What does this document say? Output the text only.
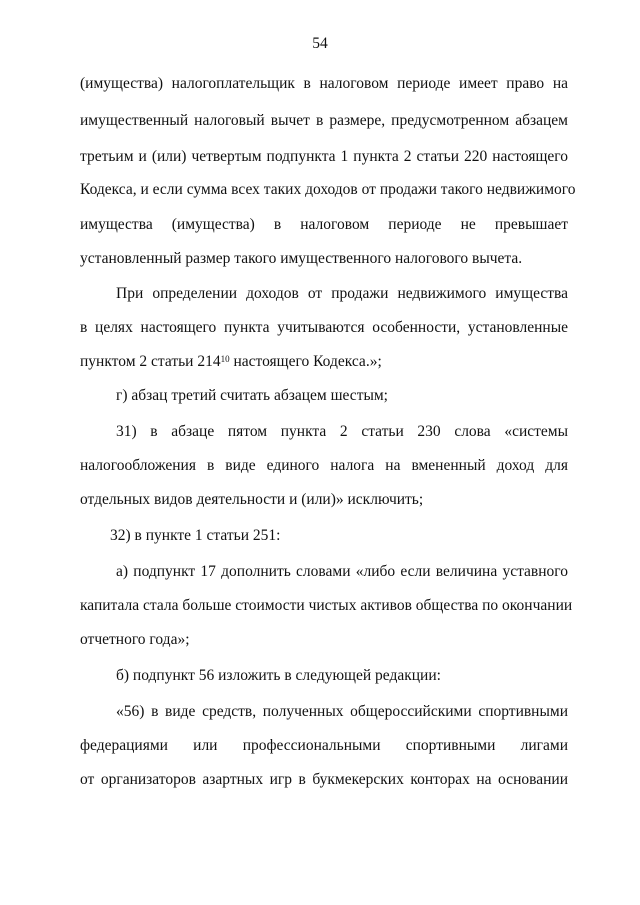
54
(имущества) налогоплательщик в налоговом периоде имеет право на
имущественный налоговый вычет в размере, предусмотренном абзацем
третьим и (или) четвертым подпункта 1 пункта 2 статьи 220 настоящего
Кодекса, и если сумма всех таких доходов от продажи такого недвижимого
имущества (имущества) в налоговом периоде не превышает
установленный размер такого имущественного налогового вычета.
При определении доходов от продажи недвижимого имущества
в целях настоящего пункта учитываются особенности, установленные
пунктом 2 статьи $214^{10}$ настоящего Кодекса.»;
г) абзац третий считать абзацем шестым;
31) в абзаце пятом пункта 2 статьи 230 слова «системы
налогообложения в виде единого налога на вмененный доход для
отдельных видов деятельности и (или)» исключить;
32) в пункте 1 статьи 251:
а) подпункт 17 дополнить словами «либо если величина уставного
капитала стала больше стоимости чистых активов общества по окончании
отчетного года»;
б) подпункт 56 изложить в следующей редакции:
«56) в виде средств, полученных общероссийскими спортивными
федерациями или профессиональными спортивными лигами
от организаторов азартных игр в букмекерских конторах на основании
